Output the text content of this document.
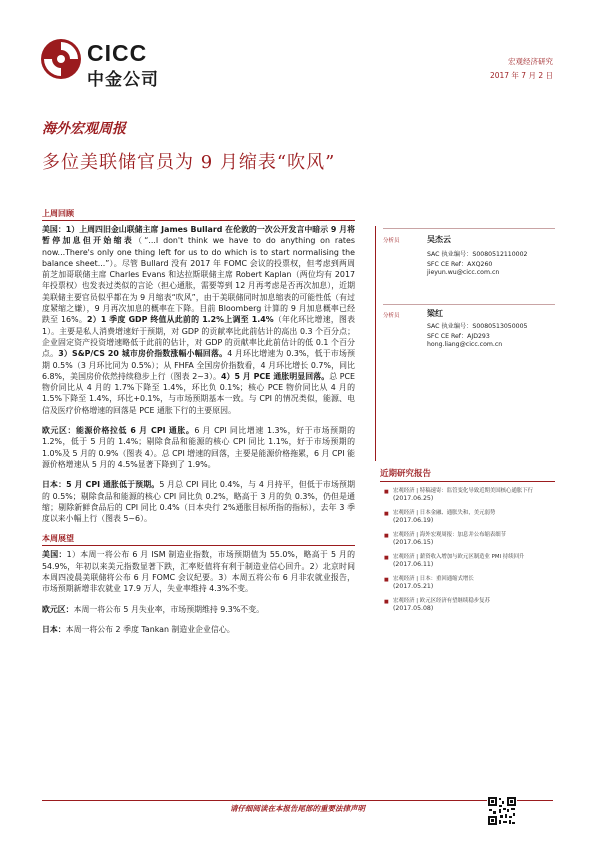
CICC
中金公司
宏观经济研究
2017 年 7 月 2 日
海外宏观周报
多位美联储官员为 9 月缩表“吹风”
上周回顾
美国：1）上周四旧金山联储主席 James Bullard 在伦敦的一次公开发言中暗示 9 月将暂停加息但开始缩表（“...I don't think we have to do anything on rates now...There's only one thing left for us to do which is to start normalising the balance sheet...”）。尽管 Bullard 没有 2017 年 FOMC 会议的投票权，但考虑到两周前芝加哥联储主席 Charles Evans 和达拉斯联储主席 Robert Kaplan（两位均有 2017 年投票权）也发表过类似的言论（担心通胀，需要等到 12 月再考虑是否再次加息），近期美联储主要官员似乎都在为 9 月缩表“吹风”，由于美联储同时加息缩表的可能性低（有过度紧缩之嫌），9 月再次加息的概率在下降。目前 Bloomberg 计算的 9 月加息概率已经跌至 16%。2）1 季度 GDP 终值从此前的 1.2%上调至 1.4%（年化环比增速，图表 1）。主要是私人消费增速好于预期，对 GDP 的贡献率比此前估计的高出 0.3 个百分点；企业固定资产投资增速略低于此前的估计，对 GDP 的贡献率比此前估计的低 0.1 个百分点。3）S&P/CS 20 城市房价指数涨幅小幅回落。4 月环比增速为 0.3%，低于市场预期 0.5%（3 月环比同为 0.5%）；从 FHFA 全国房价指数看，4 月环比增长 0.7%，同比 6.8%，美国房价依然持续稳步上行（图表 2~3）。4）5 月 PCE 通胀明显回落。总 PCE 物价同比从 4 月的 1.7%下降至 1.4%，环比负 0.1%；核心 PCE 物价同比从 4 月的 1.5%下降至 1.4%，环比+0.1%，与市场预期基本一致。与 CPI 的情况类似，能源、电信及医疗价格增速的回落是 PCE 通胀下行的主要原因。
欧元区：能源价格拉低 6 月 CPI 通胀。6 月 CPI 同比增速 1.3%，好于市场预期的 1.2%，低于 5 月的 1.4%；剔除食品和能源的核心 CPI 同比 1.1%，好于市场预期的 1.0%及 5 月的 0.9%（图表 4）。总 CPI 增速的回落，主要是能源价格拖累，6 月 CPI 能源价格增速从 5 月的 4.5%显著下降到了 1.9%。
日本：5 月 CPI 通胀低于预期。5 月总 CPI 同比 0.4%，与 4 月持平，但低于市场预期的 0.5%；剔除食品和能源的核心 CPI 同比负 0.2%，略高于 3 月的负 0.3%，仍但是通缩；剔除新鲜食品后的 CPI 同比 0.4%（日本央行 2%通胀目标所指的指标），去年 3 季度以来小幅上行（图表 5~6）。
本周展望
美国：1）本周一将公布 6 月 ISM 制造业指数，市场预期值为 55.0%，略高于 5 月的 54.9%，年初以来美元指数显著下跌，汇率贬值将有利于制造业信心回升。2）北京时间本周四凌晨美联储将公布 6 月 FOMC 会议纪要。3）本周五将公布 6 月非农就业报告，市场预期新增非农就业 17.9 万人，失业率维持 4.3%不变。
欧元区：本周一将公布 5 月失业率，市场预期维持 9.3%不变。
日本：本周一将公布 2 季度 Tankan 制造业企业信心。
分析员	吴杰云
SAC 执业编号：S0080512110002
SFC CE Ref：AXQ260
jieyun.wu@cicc.com.cn
分析员	梁红
SAC 执业编号：S0080513050005
SFC CE Ref：AJD293
hong.liang@cicc.com.cn
近期研究报告
■ 宏观经济 | 特稿速寄：监管变化导致近期美国核心通胀下行
(2017.06.25)
■ 宏观经济 | 日本金融、通胀失和，美元弱势
(2017.06.19)
■ 宏观经济 | 海外宏观周报：加息并公布缩表细节
(2017.06.15)
■ 宏观经济 | 薪资收入增加与欧元区制造业 PMI 持续回升
(2017.06.11)
■ 宏观经济 | 日本：重回通缩式增长
(2017.05.21)
■ 宏观经济 | 欧元区经济有望继续稳步复苏
(2017.05.08)
请仔细阅读在本报告尾部的重要法律声明
